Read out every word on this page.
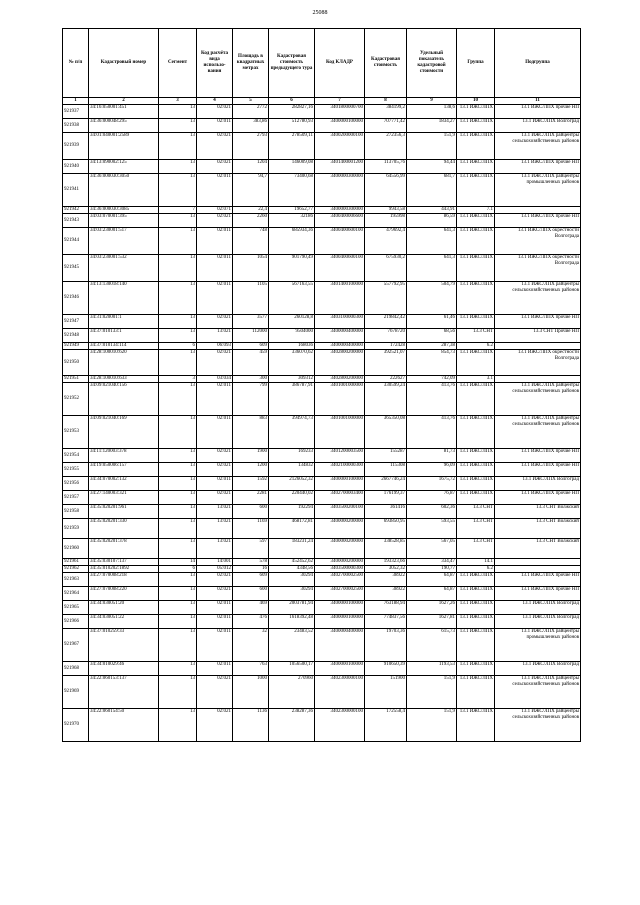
25088
№ п/п	Кадастровый номер	Сегмент	Код расчёта вида использо-вания	Площадь в квадратных метрах	Кадастровая стоимость предыдущего тура	Код КЛАДР	Кадастровая стоимость	Удельный показатель кадастровой стоимости	Группа	Подгруппа
1	2	3	4	5	6	7	8	9	10	11
921937	34:16:050001:451	13	02:021	2772	282827,16	3401800000700	384199,2	138,6	13.1 ИЖС/ЛПХ	13.1 ИЖС/ЛПХ прочие НП
921938	34:36:000048:295	13	02:011	383,86	512780,93	3400000100000	707771,42	1834,27	13.1 ИЖС/ЛПХ	13.1 ИЖС/ЛПХ Волгоград
921939	34:01:040001:2589	13	02:021	2793	278509,11	3400200000100	272356,3	151,9	13.1 ИЖС/ЛПХ	13.1 ИЖС/ЛПХ райцентры сельскохозяйственных районов
921940	34:13:090002:125	13	02:021	1204	146009,08	3401400001200	113705,76	94,44	13.1 ИЖС/ЛПХ	13.1 ИЖС/ЛПХ прочие НП
921941	34:36:000030:3050	13	02:011	94,7	73400,68	3400000300000	64556,99	681,7	13.1 ИЖС/ЛПХ	13.1 ИЖС/ЛПХ райцентры промышленных районов
921942	34:36:000030:3085	7	02:071	22,4	19652,77	3400000300000	9943,58	443,91	7.1	
921943	34:03:070001:395	13	02:021	2260	32186	3400400006600	195998	86,59	13.1 ИЖС/ЛПХ	13.1 ИЖС/ЛПХ прочие НП
921944	34:03:230001:517	13	02:011	748	685934,36	3400400600100	479692,4	641,3	13.1 ИЖС/ЛПХ	13.1 ИЖС/ЛПХ окрестности Волгограда
921945	34:03:230001:532	13	02:011	1054	901790,49	3400400600100	675930,2	641,3	13.1 ИЖС/ЛПХ	13.1 ИЖС/ЛПХ окрестности Волгограда
921946	34:13:130018:140	13	02:011	1105	567163,55	3401400100000	557792,95	504,79	13.1 ИЖС/ЛПХ	13.1 ИЖС/ЛПХ райцентры сельскохозяйственных районов
921947	34:31:020001:1	13	02:021	3577	260128,8	3403100000300	219842,42	61,46	13.1 ИЖС/ЛПХ	13.1 ИЖС/ЛПХ прочие НП
921948	34:37:010133:1	13	13:021	112000	9504000	3400000400000	7678720	68,56	13.3 СНТ	13.3 СНТ Прочие НП
921949	34:37:010134:114	6	06:093	609	168036	3400000400000	172428	287,38	6.2	
921950	34:28:100010:620	13	02:021	459	336070,62	3402800200000	392521,07	854,73	13.1 ИЖС/ЛПХ	13.1 ИЖС/ЛПХ окрестности Волгограда
921951	34:28:100010:633	3	03:034	300	309312	3402800200000	222627	742,09	3.1	
921952	34:09:021040:156	13	02:011	799	386787,91	3401001000000	330599,24	413,76	13.1 ИЖС/ЛПХ	13.1 ИЖС/ЛПХ райцентры сельскохозяйственных районов
921953	34:09:021040:169	13	02:011	883	394974,73	3401001000000	365350,08	413,76	13.1 ИЖС/ЛПХ	13.1 ИЖС/ЛПХ райцентры сельскохозяйственных районов
921954	34:11:120003:378	13	02:021	1900	169233	3401200003500	155287	81,73	13.1 ИЖС/ЛПХ	13.1 ИЖС/ЛПХ прочие НП
921955	34:19:050006:157	13	02:021	1200	134832	3402100000300	115308	96,09	13.1 ИЖС/ЛПХ	13.1 ИЖС/ЛПХ прочие НП
921956	34:34:070002:132	13	02:011	1592	2126052,32	3400000100000	2667746,24	1675,72	13.1 ИЖС/ЛПХ	13.1 ИЖС/ЛПХ Волгоград
921957	34:27:140003:321	13	02:021	2281	220440,02	3402700003400	176199,37	76,87	13.1 ИЖС/ЛПХ	13.1 ИЖС/ЛПХ прочие НП
921958	34:35:020201:961	13	13:021	600	192294	3403500200100	361416	602,36	13.3 СНТ	13.3 СНТ Волжский
921959	34:35:020201:330	13	13:021	1169	468172,81	3400000200000	693850,95	593,55	13.3 СНТ	13.3 СНТ Волжский
921960	34:35:020201:378	13	13:021	597	183231,24	3400000200000	338528,85	567,05	13.3 СНТ	13.3 СНТ Волжский
921961	34:35:030107:137	14	14:001	578	452452,62	3400000200000	193323,66	334,47	14.1	
921962	34:35:010202:1892	6	05:012	16	4348,56	3403500000300	3052,32	190,77	6.2	
921963	34:27:070008:218	13	02:021	609	30294	3402700002500	38922	64,87	13.1 ИЖС/ЛПХ	13.1 ИЖС/ЛПХ прочие НП
921964	34:27:070008:220	13	02:021	600	30294	3402700002500	38922	64,87	13.1 ИЖС/ЛПХ	13.1 ИЖС/ЛПХ прочие НП
921965	34:34:030051:20	13	02:011	469	2003781,94	3400000100000	763188,94	1627,26	13.1 ИЖС/ЛПХ	13.1 ИЖС/ЛПХ Волгоград
921966	34:34:030051:22	13	02:011	476	1618392,48	3400000100000	774837,56	1627,81	13.1 ИЖС/ЛПХ	13.1 ИЖС/ЛПХ Волгоград
921967	34:37:010259:33	13	02:011	32	23483,52	3400000400000	19703,36	615,73	13.1 ИЖС/ЛПХ	13.1 ИЖС/ЛПХ райцентры промышленных районов
921968	34:34:010029:46	13	02:011	763	1056500,17	3400000100000	910650,39	1193,53	13.1 ИЖС/ЛПХ	13.1 ИЖС/ЛПХ Волгоград
921969	34:22:060153:137	13	02:021	1000	270960	3402300000100	151900	151,9	13.1 ИЖС/ЛПХ	13.1 ИЖС/ЛПХ райцентры сельскохозяйственных районов
921970	34:22:060154:50	13	02:021	1136	238287,36	3402300000100	172558,4	151,9	13.1 ИЖС/ЛПХ	13.1 ИЖС/ЛПХ райцентры сельскохозяйственных районов
